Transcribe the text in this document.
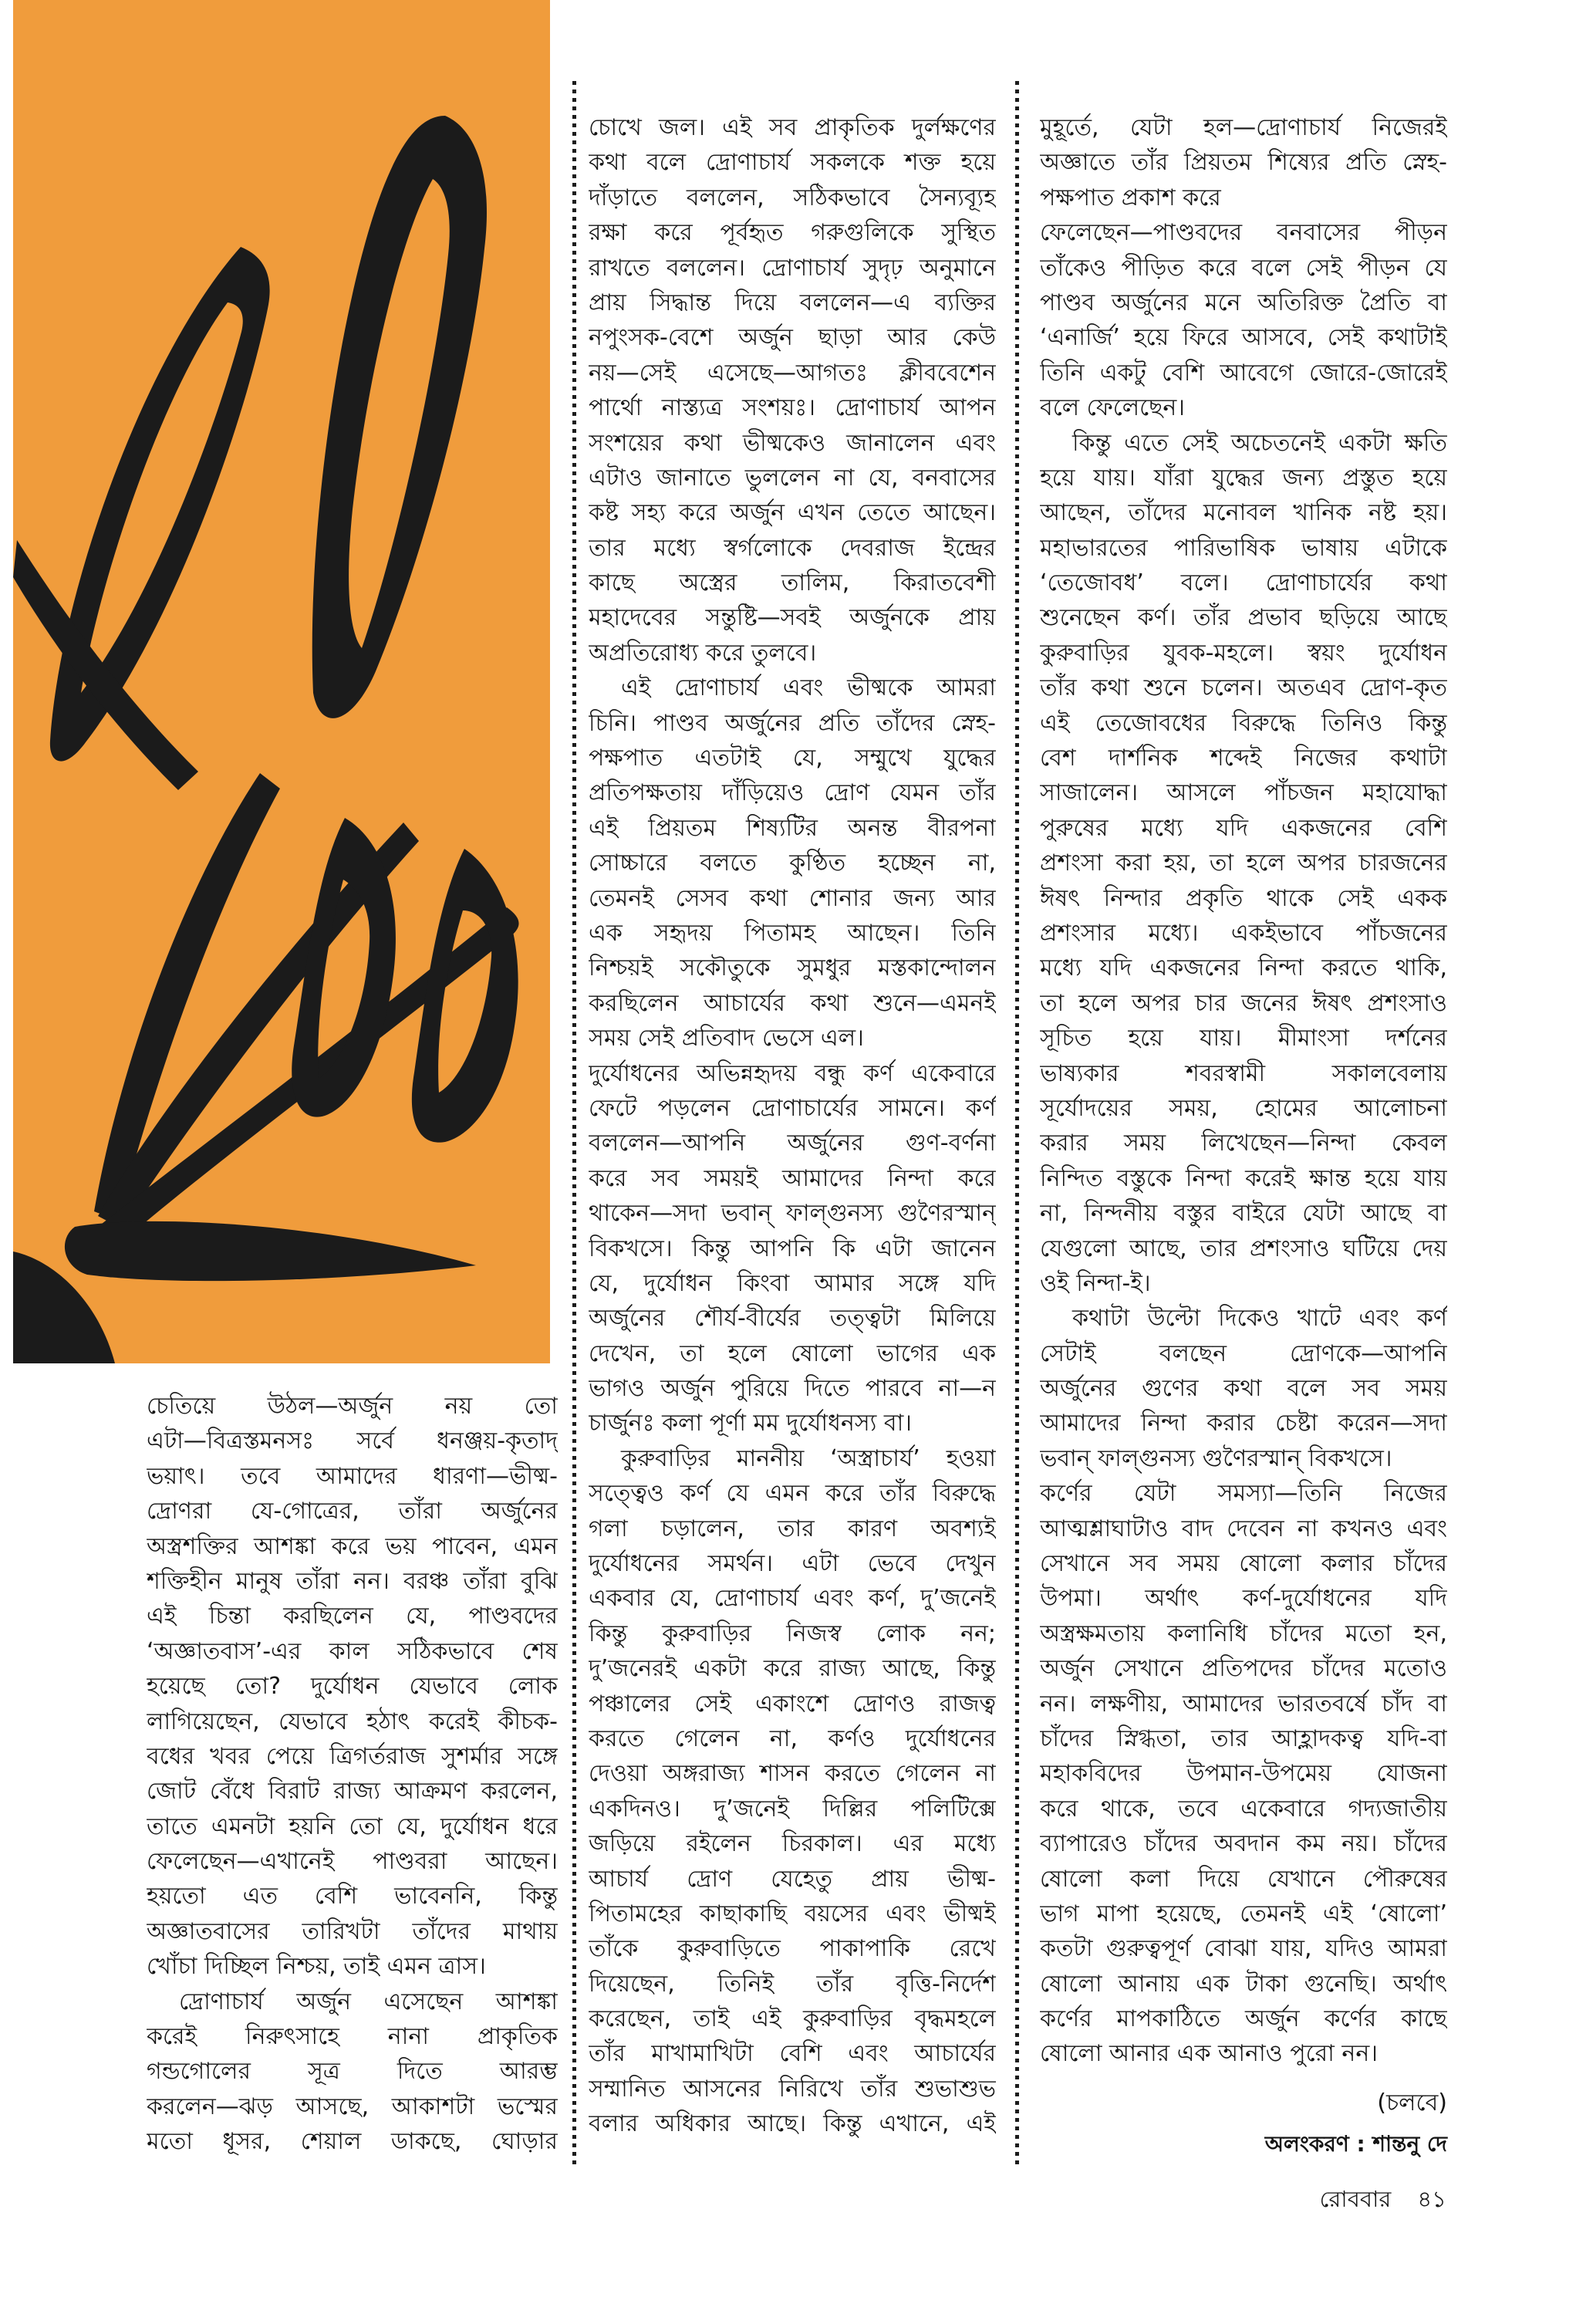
চেতিয়ে উঠল—অর্জুন নয় তো
এটা—বিত্রস্তমনসঃ সর্বে ধনঞ্জয়-কৃতাদ্
ভয়াৎ। তবে আমাদের ধারণা—ভীষ্ম-
দ্রোণরা যে-গোত্রের, তাঁরা অর্জুনের
অস্ত্রশক্তির আশঙ্কা করে ভয় পাবেন, এমন
শক্তিহীন মানুষ তাঁরা নন। বরঞ্চ তাঁরা বুঝি
এই চিন্তা করছিলেন যে, পাণ্ডবদের
‘অজ্ঞাতবাস’-এর কাল সঠিকভাবে শেষ
হয়েছে তো? দুর্যোধন যেভাবে লোক
লাগিয়েছেন, যেভাবে হঠাৎ করেই কীচক-
বধের খবর পেয়ে ত্রিগর্তরাজ সুশর্মার সঙ্গে
জোট বেঁধে বিরাট রাজ্য আক্রমণ করলেন,
তাতে এমনটা হয়নি তো যে, দুর্যোধন ধরে
ফেলেছেন—এখানেই পাণ্ডবরা আছেন।
হয়তো এত বেশি ভাবেননি, কিন্তু
অজ্ঞাতবাসের তারিখটা তাঁদের মাথায়
খোঁচা দিচ্ছিল নিশ্চয়, তাই এমন ত্রাস।
দ্রোণাচার্য অর্জুন এসেছেন আশঙ্কা
করেই নিরুৎসাহে নানা প্রাকৃতিক
গন্ডগোলের সূত্র দিতে আরম্ভ
করলেন—ঝড় আসছে, আকাশটা ভস্মের
মতো ধূসর, শেয়াল ডাকছে, ঘোড়ার
চোখে জল। এই সব প্রাকৃতিক দুর্লক্ষণের
কথা বলে দ্রোণাচার্য সকলকে শক্ত হয়ে
দাঁড়াতে বললেন, সঠিকভাবে সৈন্যব্যূহ
রক্ষা করে পূর্বহৃত গরুগুলিকে সুস্থিত
রাখতে বললেন। দ্রোণাচার্য সুদৃঢ় অনুমানে
প্রায় সিদ্ধান্ত দিয়ে বললেন—এ ব্যক্তির
নপুংসক-বেশে অর্জুন ছাড়া আর কেউ
নয়—সেই এসেছে—আগতঃ ক্লীববেশেন
পার্থো নাস্ত্যত্র সংশয়ঃ। দ্রোণাচার্য আপন
সংশয়ের কথা ভীষ্মকেও জানালেন এবং
এটাও জানাতে ভুললেন না যে, বনবাসের
কষ্ট সহ্য করে অর্জুন এখন তেতে আছেন।
তার মধ্যে স্বর্গলোকে দেবরাজ ইন্দ্রের
কাছে অস্ত্রের তালিম, কিরাতবেশী
মহাদেবের সন্তুষ্টি—সবই অর্জুনকে প্রায়
অপ্রতিরোধ্য করে তুলবে।
এই দ্রোণাচার্য এবং ভীষ্মকে আমরা
চিনি। পাণ্ডব অর্জুনের প্রতি তাঁদের স্নেহ-
পক্ষপাত এতটাই যে, সম্মুখে যুদ্ধের
প্রতিপক্ষতায় দাঁড়িয়েও দ্রোণ যেমন তাঁর
এই প্রিয়তম শিষ্যটির অনন্ত বীরপনা
সোচ্চারে বলতে কুণ্ঠিত হচ্ছেন না,
তেমনই সেসব কথা শোনার জন্য আর
এক সহৃদয় পিতামহ আছেন। তিনি
নিশ্চয়ই সকৌতুকে সুমধুর মস্তকান্দোলন
করছিলেন আচার্যের কথা শুনে—এমনই
সময় সেই প্রতিবাদ ভেসে এল।
দুর্যোধনের অভিন্নহৃদয় বন্ধু কর্ণ একেবারে
ফেটে পড়লেন দ্রোণাচার্যের সামনে। কর্ণ
বললেন—আপনি অর্জুনের গুণ-বর্ণনা
করে সব সময়ই আমাদের নিন্দা করে
থাকেন—সদা ভবান্ ফাল্গুনস্য গুণৈরস্মান্
বিকখসে। কিন্তু আপনি কি এটা জানেন
যে, দুর্যোধন কিংবা আমার সঙ্গে যদি
অর্জুনের শৌর্য-বীর্যের তত্ত্বটা মিলিয়ে
দেখেন, তা হলে ষোলো ভাগের এক
ভাগও অর্জুন পুরিয়ে দিতে পারবে না—ন
চার্জুনঃ কলা পূর্ণা মম দুর্যোধনস্য বা।
কুরুবাড়ির মাননীয় ‘অস্ত্রাচার্য’ হওয়া
সত্ত্বেও কর্ণ যে এমন করে তাঁর বিরুদ্ধে
গলা চড়ালেন, তার কারণ অবশ্যই
দুর্যোধনের সমর্থন। এটা ভেবে দেখুন
একবার যে, দ্রোণাচার্য এবং কর্ণ, দু’জনেই
কিন্তু কুরুবাড়ির নিজস্ব লোক নন;
দু’জনেরই একটা করে রাজ্য আছে, কিন্তু
পঞ্চালের সেই একাংশে দ্রোণও রাজত্ব
করতে গেলেন না, কর্ণও দুর্যোধনের
দেওয়া অঙ্গরাজ্য শাসন করতে গেলেন না
একদিনও। দু’জনেই দিল্লির পলিটিক্সে
জড়িয়ে রইলেন চিরকাল। এর মধ্যে
আচার্য দ্রোণ যেহেতু প্রায় ভীষ্ম-
পিতামহের কাছাকাছি বয়সের এবং ভীষ্মই
তাঁকে কুরুবাড়িতে পাকাপাকি রেখে
দিয়েছেন, তিনিই তাঁর বৃত্তি-নির্দেশ
করেছেন, তাই এই কুরুবাড়ির বৃদ্ধমহলে
তাঁর মাখামাখিটা বেশি এবং আচার্যের
সম্মানিত আসনের নিরিখে তাঁর শুভাশুভ
বলার অধিকার আছে। কিন্তু এখানে, এই
মুহূর্তে, যেটা হল—দ্রোণাচার্য নিজেরই
অজ্ঞাতে তাঁর প্রিয়তম শিষ্যের প্রতি স্নেহ-
পক্ষপাত প্রকাশ করে
ফেলেছেন—পাণ্ডবদের বনবাসের পীড়ন
তাঁকেও পীড়িত করে বলে সেই পীড়ন যে
পাণ্ডব অর্জুনের মনে অতিরিক্ত প্রৈতি বা
‘এনার্জি’ হয়ে ফিরে আসবে, সেই কথাটাই
তিনি একটু বেশি আবেগে জোরে-জোরেই
বলে ফেলেছেন।
কিন্তু এতে সেই অচেতনেই একটা ক্ষতি
হয়ে যায়। যাঁরা যুদ্ধের জন্য প্রস্তুত হয়ে
আছেন, তাঁদের মনোবল খানিক নষ্ট হয়।
মহাভারতের পারিভাষিক ভাষায় এটাকে
‘তেজোবধ’ বলে। দ্রোণাচার্যের কথা
শুনেছেন কর্ণ। তাঁর প্রভাব ছড়িয়ে আছে
কুরুবাড়ির যুবক-মহলে। স্বয়ং দুর্যোধন
তাঁর কথা শুনে চলেন। অতএব দ্রোণ-কৃত
এই তেজোবধের বিরুদ্ধে তিনিও কিন্তু
বেশ দার্শনিক শব্দেই নিজের কথাটা
সাজালেন। আসলে পাঁচজন মহাযোদ্ধা
পুরুষের মধ্যে যদি একজনের বেশি
প্রশংসা করা হয়, তা হলে অপর চারজনের
ঈষৎ নিন্দার প্রকৃতি থাকে সেই একক
প্রশংসার মধ্যে। একইভাবে পাঁচজনের
মধ্যে যদি একজনের নিন্দা করতে থাকি,
তা হলে অপর চার জনের ঈষৎ প্রশংসাও
সূচিত হয়ে যায়। মীমাংসা দর্শনের
ভাষ্যকার শবরস্বামী সকালবেলায়
সূর্যোদয়ের সময়, হোমের আলোচনা
করার সময় লিখেছেন—নিন্দা কেবল
নিন্দিত বস্তুকে নিন্দা করেই ক্ষান্ত হয়ে যায়
না, নিন্দনীয় বস্তুর বাইরে যেটা আছে বা
যেগুলো আছে, তার প্রশংসাও ঘটিয়ে দেয়
ওই নিন্দা-ই।
কথাটা উল্টো দিকেও খাটে এবং কর্ণ
সেটাই বলছেন দ্রোণকে—আপনি
অর্জুনের গুণের কথা বলে সব সময়
আমাদের নিন্দা করার চেষ্টা করেন—সদা
ভবান্ ফাল্গুনস্য গুণৈরস্মান্ বিকখসে।
কর্ণের যেটা সমস্যা—তিনি নিজের
আত্মশ্লাঘাটাও বাদ দেবেন না কখনও এবং
সেখানে সব সময় ষোলো কলার চাঁদের
উপমা। অর্থাৎ কর্ণ-দুর্যোধনের যদি
অস্ত্রক্ষমতায় কলানিধি চাঁদের মতো হন,
অর্জুন সেখানে প্রতিপদের চাঁদের মতোও
নন। লক্ষণীয়, আমাদের ভারতবর্ষে চাঁদ বা
চাঁদের স্নিগ্ধতা, তার আহ্লাদকত্ব যদি-বা
মহাকবিদের উপমান-উপমেয় যোজনা
করে থাকে, তবে একেবারে গদ্যজাতীয়
ব্যাপারেও চাঁদের অবদান কম নয়। চাঁদের
ষোলো কলা দিয়ে যেখানে পৌরুষের
ভাগ মাপা হয়েছে, তেমনই এই ‘ষোলো’
কতটা গুরুত্বপূর্ণ বোঝা যায়, যদিও আমরা
ষোলো আনায় এক টাকা গুনেছি। অর্থাৎ
কর্ণের মাপকাঠিতে অর্জুন কর্ণের কাছে
ষোলো আনার এক আনাও পুরো নন।
(চলবে)
অলংকরণ : শান্তনু দে
রোববার ৪১
